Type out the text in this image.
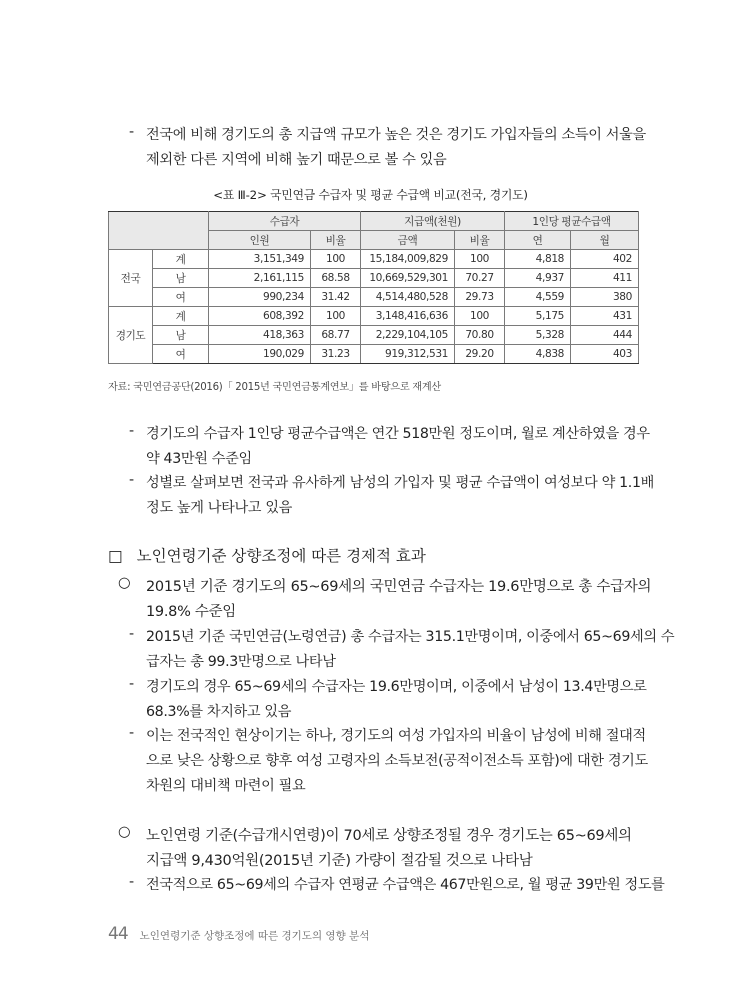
- 전국에 비해 경기도의 총 지급액 규모가 높은 것은 경기도 가입자들의 소득이 서울을
제외한 다른 지역에 비해 높기 때문으로 볼 수 있음
<표 Ⅲ-2> 국민연금 수급자 및 평균 수급액 비교(전국, 경기도)
		수급자		지급액(천원)		1인당 평균수급액	
		인원	비율	금액	비율	연	월
전국	계	3,151,349	100	15,184,009,829	100	4,818	402
	남	2,161,115	68.58	10,669,529,301	70.27	4,937	411
	여	990,234	31.42	4,514,480,528	29.73	4,559	380
경기도	계	608,392	100	3,148,416,636	100	5,175	431
	남	418,363	68.77	2,229,104,105	70.80	5,328	444
	여	190,029	31.23	919,312,531	29.20	4,838	403
자료: 국민연금공단(2016)「 2015년 국민연금통계연보」를 바탕으로 재계산
- 경기도의 수급자 1인당 평균수급액은 연간 518만원 정도이며, 월로 계산하였을 경우
약 43만원 수준임
- 성별로 살펴보면 전국과 유사하게 남성의 가입자 및 평균 수급액이 여성보다 약 1.1배
정도 높게 나타나고 있음
□ 노인연령기준 상향조정에 따른 경제적 효과
○ 2015년 기준 경기도의 65~69세의 국민연금 수급자는 19.6만명으로 총 수급자의
19.8% 수준임
- 2015년 기준 국민연금(노령연금) 총 수급자는 315.1만명이며, 이중에서 65~69세의 수
급자는 총 99.3만명으로 나타남
- 경기도의 경우 65~69세의 수급자는 19.6만명이며, 이중에서 남성이 13.4만명으로
68.3%를 차지하고 있음
- 이는 전국적인 현상이기는 하나, 경기도의 여성 가입자의 비율이 남성에 비해 절대적
으로 낮은 상황으로 향후 여성 고령자의 소득보전(공적이전소득 포함)에 대한 경기도
차원의 대비책 마련이 필요
○ 노인연령 기준(수급개시연령)이 70세로 상향조정될 경우 경기도는 65~69세의
지급액 9,430억원(2015년 기준) 가량이 절감될 것으로 나타남
- 전국적으로 65~69세의 수급자 연평균 수급액은 467만원으로, 월 평균 39만원 정도를
44 노인연령기준 상향조정에 따른 경기도의 영향 분석
